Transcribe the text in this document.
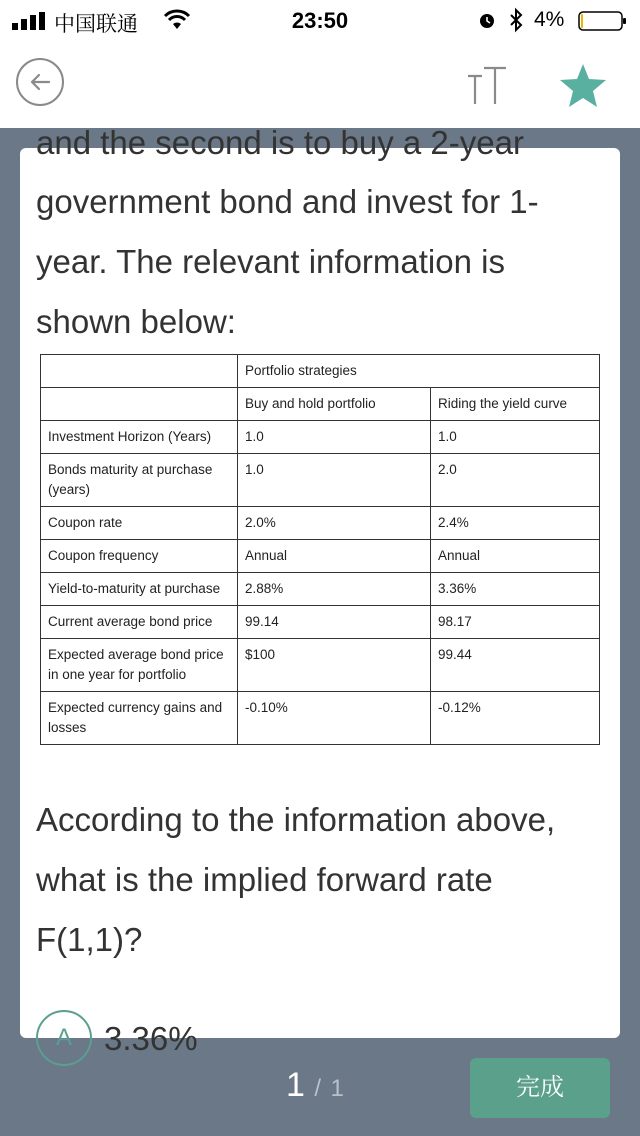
中国联通	23:50	4%
and the second is to buy a 2-year
government bond and invest for 1-year. The relevant information is shown below:
	Portfolio strategies	
	Buy and hold portfolio	Riding the yield curve
Investment Horizon (Years)	1.0	1.0
Bonds maturity at purchase (years)	1.0	2.0
Coupon rate	2.0%	2.4%
Coupon frequency	Annual	Annual
Yield-to-maturity at purchase	2.88%	3.36%
Current average bond price	99.14	98.17
Expected average bond price in one year for portfolio	$100	99.44
Expected currency gains and losses	-0.10%	-0.12%
According to the information above, what is the implied forward rate F(1,1)?
A 3.36%
1 / 1	完成
